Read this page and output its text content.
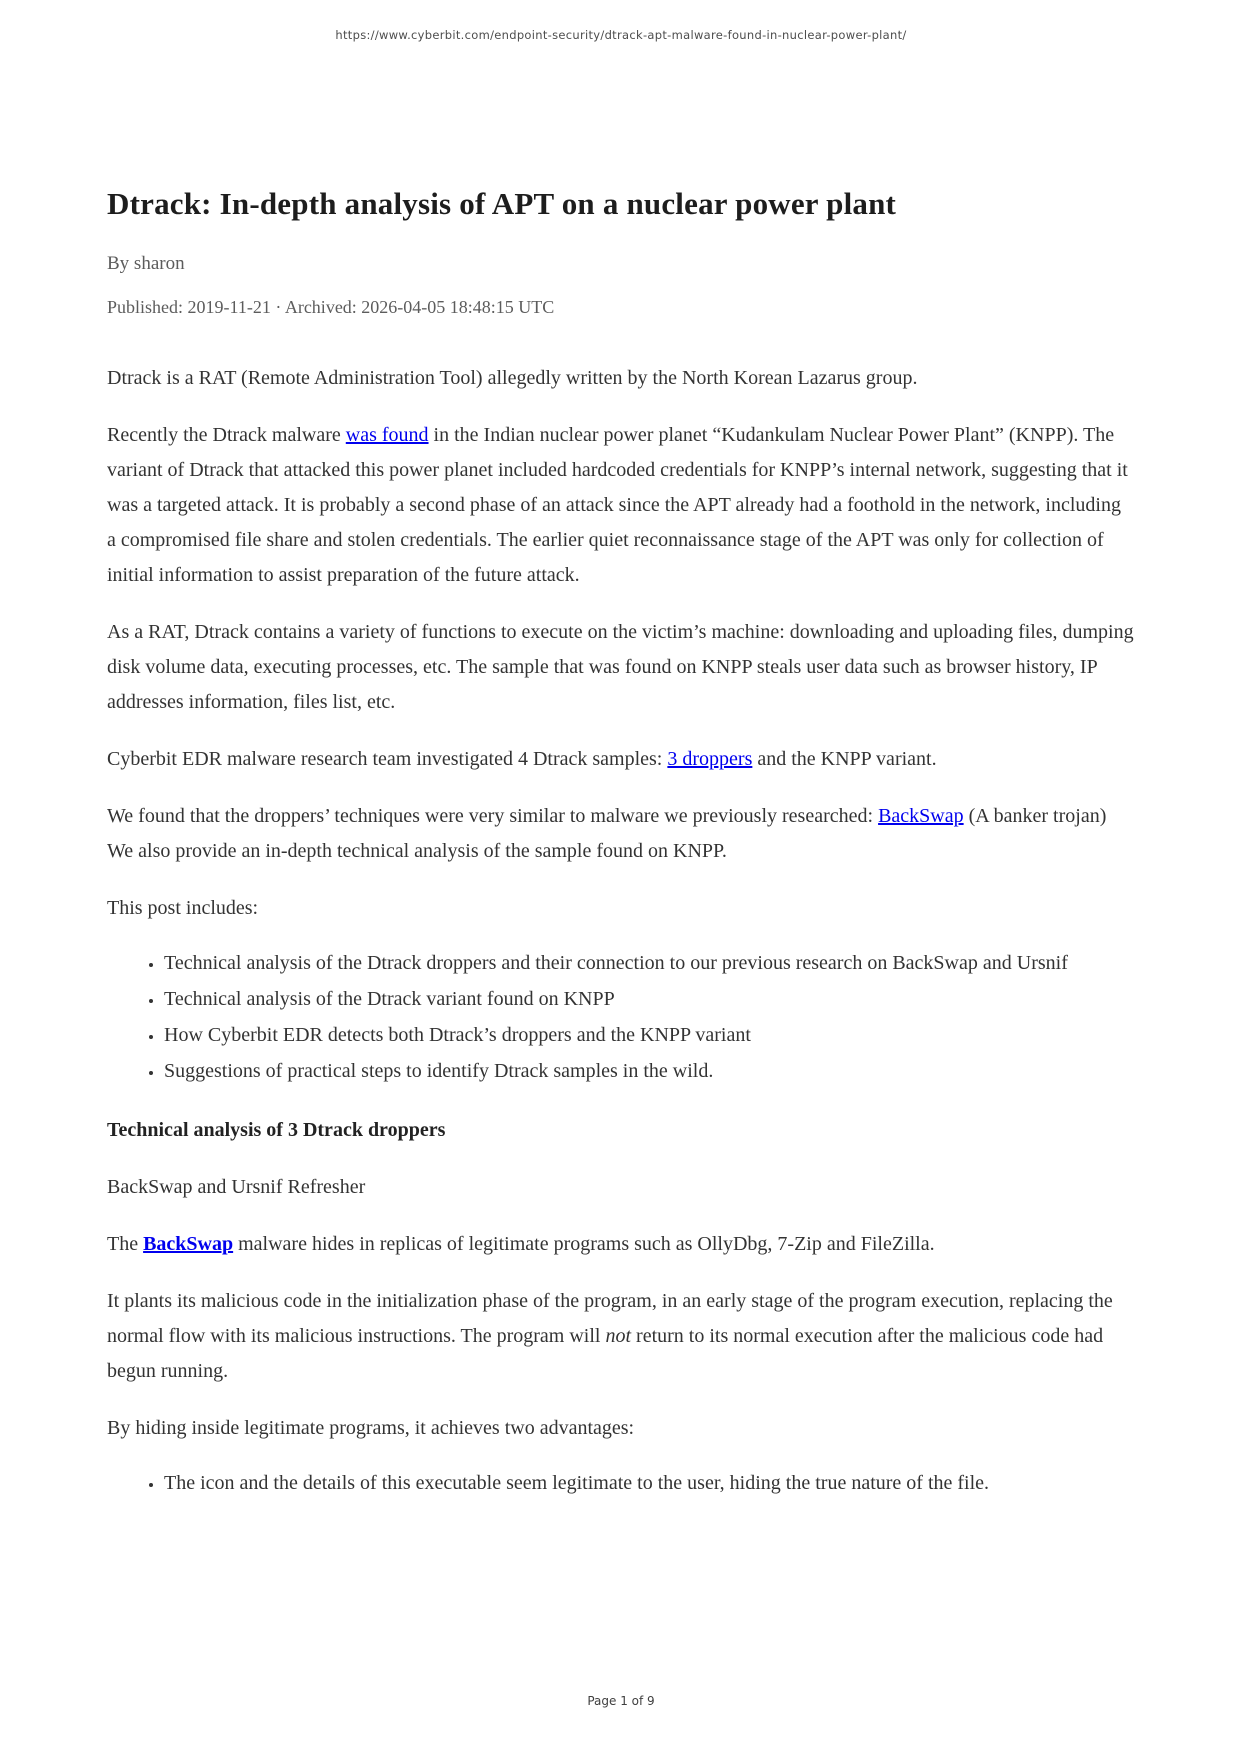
https://www.cyberbit.com/endpoint-security/dtrack-apt-malware-found-in-nuclear-power-plant/
Dtrack: In-depth analysis of APT on a nuclear power plant

By sharon

Published: 2019-11-21 · Archived: 2026-04-05 18:48:15 UTC

Dtrack is a RAT (Remote Administration Tool) allegedly written by the North Korean Lazarus group.

Recently the Dtrack malware was found in the Indian nuclear power planet “Kudankulam Nuclear Power Plant” (KNPP). The variant of Dtrack that attacked this power planet included hardcoded credentials for KNPP’s internal network, suggesting that it was a targeted attack. It is probably a second phase of an attack since the APT already had a foothold in the network, including  a compromised file share and stolen credentials. The earlier quiet reconnaissance stage of the APT was only for collection of initial information to assist preparation of the future attack.

As a RAT, Dtrack contains a variety of functions to execute on the victim’s machine: downloading and uploading files, dumping disk volume data, executing processes, etc. The sample that was found on KNPP steals user data such as browser history, IP addresses information, files list, etc.

Cyberbit EDR malware research team investigated 4 Dtrack samples: 3 droppers and the KNPP variant.

We found that the droppers’ techniques were very similar to malware we previously researched: BackSwap (A banker trojan) We also provide an in-depth technical analysis of the sample found on KNPP.

This post includes:

• Technical analysis of the Dtrack droppers and their connection to our previous research on BackSwap and Ursnif
• Technical analysis of the Dtrack variant found on KNPP
• How Cyberbit EDR detects both Dtrack’s droppers and the KNPP variant
• Suggestions of practical steps to identify Dtrack samples in the wild.
Technical analysis of 3 Dtrack droppers

BackSwap and Ursnif Refresher

The BackSwap malware hides in replicas of legitimate programs such as OllyDbg, 7-Zip and FileZilla.

It plants its malicious code in the initialization phase of the program, in an early stage of the program execution, replacing the normal flow with its malicious instructions. The program will not return to its normal execution after the malicious code had begun running.

By hiding inside legitimate programs, it achieves two advantages:

• The icon and the details of this executable seem legitimate to the user, hiding the true nature of the file.
Page 1 of 9
